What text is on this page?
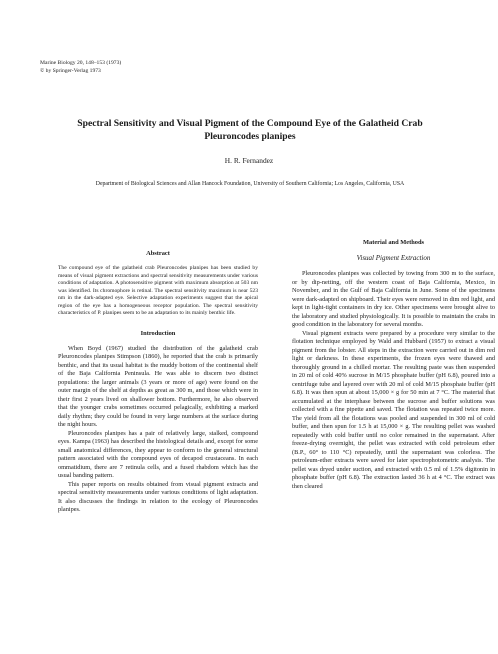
Marine Biology 20, 148–153 (1973)
© by Springer-Verlag 1973
Spectral Sensitivity and Visual Pigment of the Compound Eye of the Galatheid Crab Pleuroncodes planipes
H. R. Fernandez
Department of Biological Sciences and Allan Hancock Foundation, University of Southern California; Los Angeles, California, USA
Abstract

The compound eye of the galatheid crab Pleuroncodes planipes has been studied by means of visual pigment extractions and spectral sensitivity measurements under various conditions of adaptation. A photosensitive pigment with maximum absorption at 503 nm was identified. Its chromophore is retinal. The spectral sensitivity maximum is near 523 nm in the dark-adapted eye. Selective adaptation experiments suggest that the apical region of the eye has a homogeneous receptor population. The spectral sensitivity characteristics of P. planipes seem to be an adaptation to its mainly benthic life.

Introduction

When Boyd (1967) studied the distribution of the galatheid crab Pleuroncodes planipes Stimpson (1860), he reported that the crab is primarily benthic, and that its usual habitat is the muddy bottom of the continental shelf of the Baja California Peninsula. He was able to discern two distinct populations: the larger animals (3 years or more of age) were found on the outer margin of the shelf at depths as great as 300 m, and those which were in their first 2 years lived on shallower bottom. Furthermore, he also observed that the younger crabs sometimes occurred pelagically, exhibiting a marked daily rhythm; they could be found in very large numbers at the surface during the night hours.

Pleuroncodes planipes has a pair of relatively large, stalked, compound eyes. Kampa (1963) has described the histological details and, except for some small anatomical differences, they appear to conform to the general structural pattern associated with the compound eyes of decapod crustaceans. In each ommatidium, there are 7 retinula cells, and a fused rhabdom which has the usual banding pattern.

This paper reports on results obtained from visual pigment extracts and spectral sensitivity measurements under various conditions of light adaptation. It also discusses the findings in relation to the ecology of Pleuroncodes planipes.

Material and Methods
Visual Pigment Extraction

Pleuroncodes planipes was collected by towing from 300 m to the surface, or by dip-netting, off the western coast of Baja California, Mexico, in November, and in the Gulf of Baja California in June. Some of the specimens were dark-adapted on shipboard. Their eyes were removed in dim red light, and kept in light-tight containers in dry ice. Other specimens were brought alive to the laboratory and studied physiologically. It is possible to maintain the crabs in good condition in the laboratory for several months.

Visual pigment extracts were prepared by a procedure very similar to the flotation technique employed by Wald and Hubbard (1957) to extract a visual pigment from the lobster. All steps in the extraction were carried out in dim red light or darkness. In these experiments, the frozen eyes were thawed and thoroughly ground in a chilled mortar. The resulting paste was then suspended in 20 ml of cold 40% sucrose in M/15 phosphate buffer (pH 6.8), poured into a centrifuge tube and layered over with 20 ml of cold M/15 phosphate buffer (pH 6.8). It was then spun at about 15,000 × g for 50 min at 7 °C. The material that accumulated at the interphase between the sucrose and buffer solutions was collected with a fine pipette and saved. The flotation was repeated twice more. The yield from all the flotations was pooled and suspended in 300 ml of cold buffer, and then spun for 1.5 h at 15,000 × g. The resulting pellet was washed repeatedly with cold buffer until no color remained in the supernatant. After freeze-drying overnight, the pellet was extracted with cold petroleum ether (B.P., 60° to 110 °C) repeatedly, until the supernatant was colorless. The petroleum-ether extracts were saved for later spectrophotometric analysis. The pellet was dryed under suction, and extracted with 0.5 ml of 1.5% digitonin in phosphate buffer (pH 6.8). The extraction lasted 36 h at 4 °C. The extract was then cleared
